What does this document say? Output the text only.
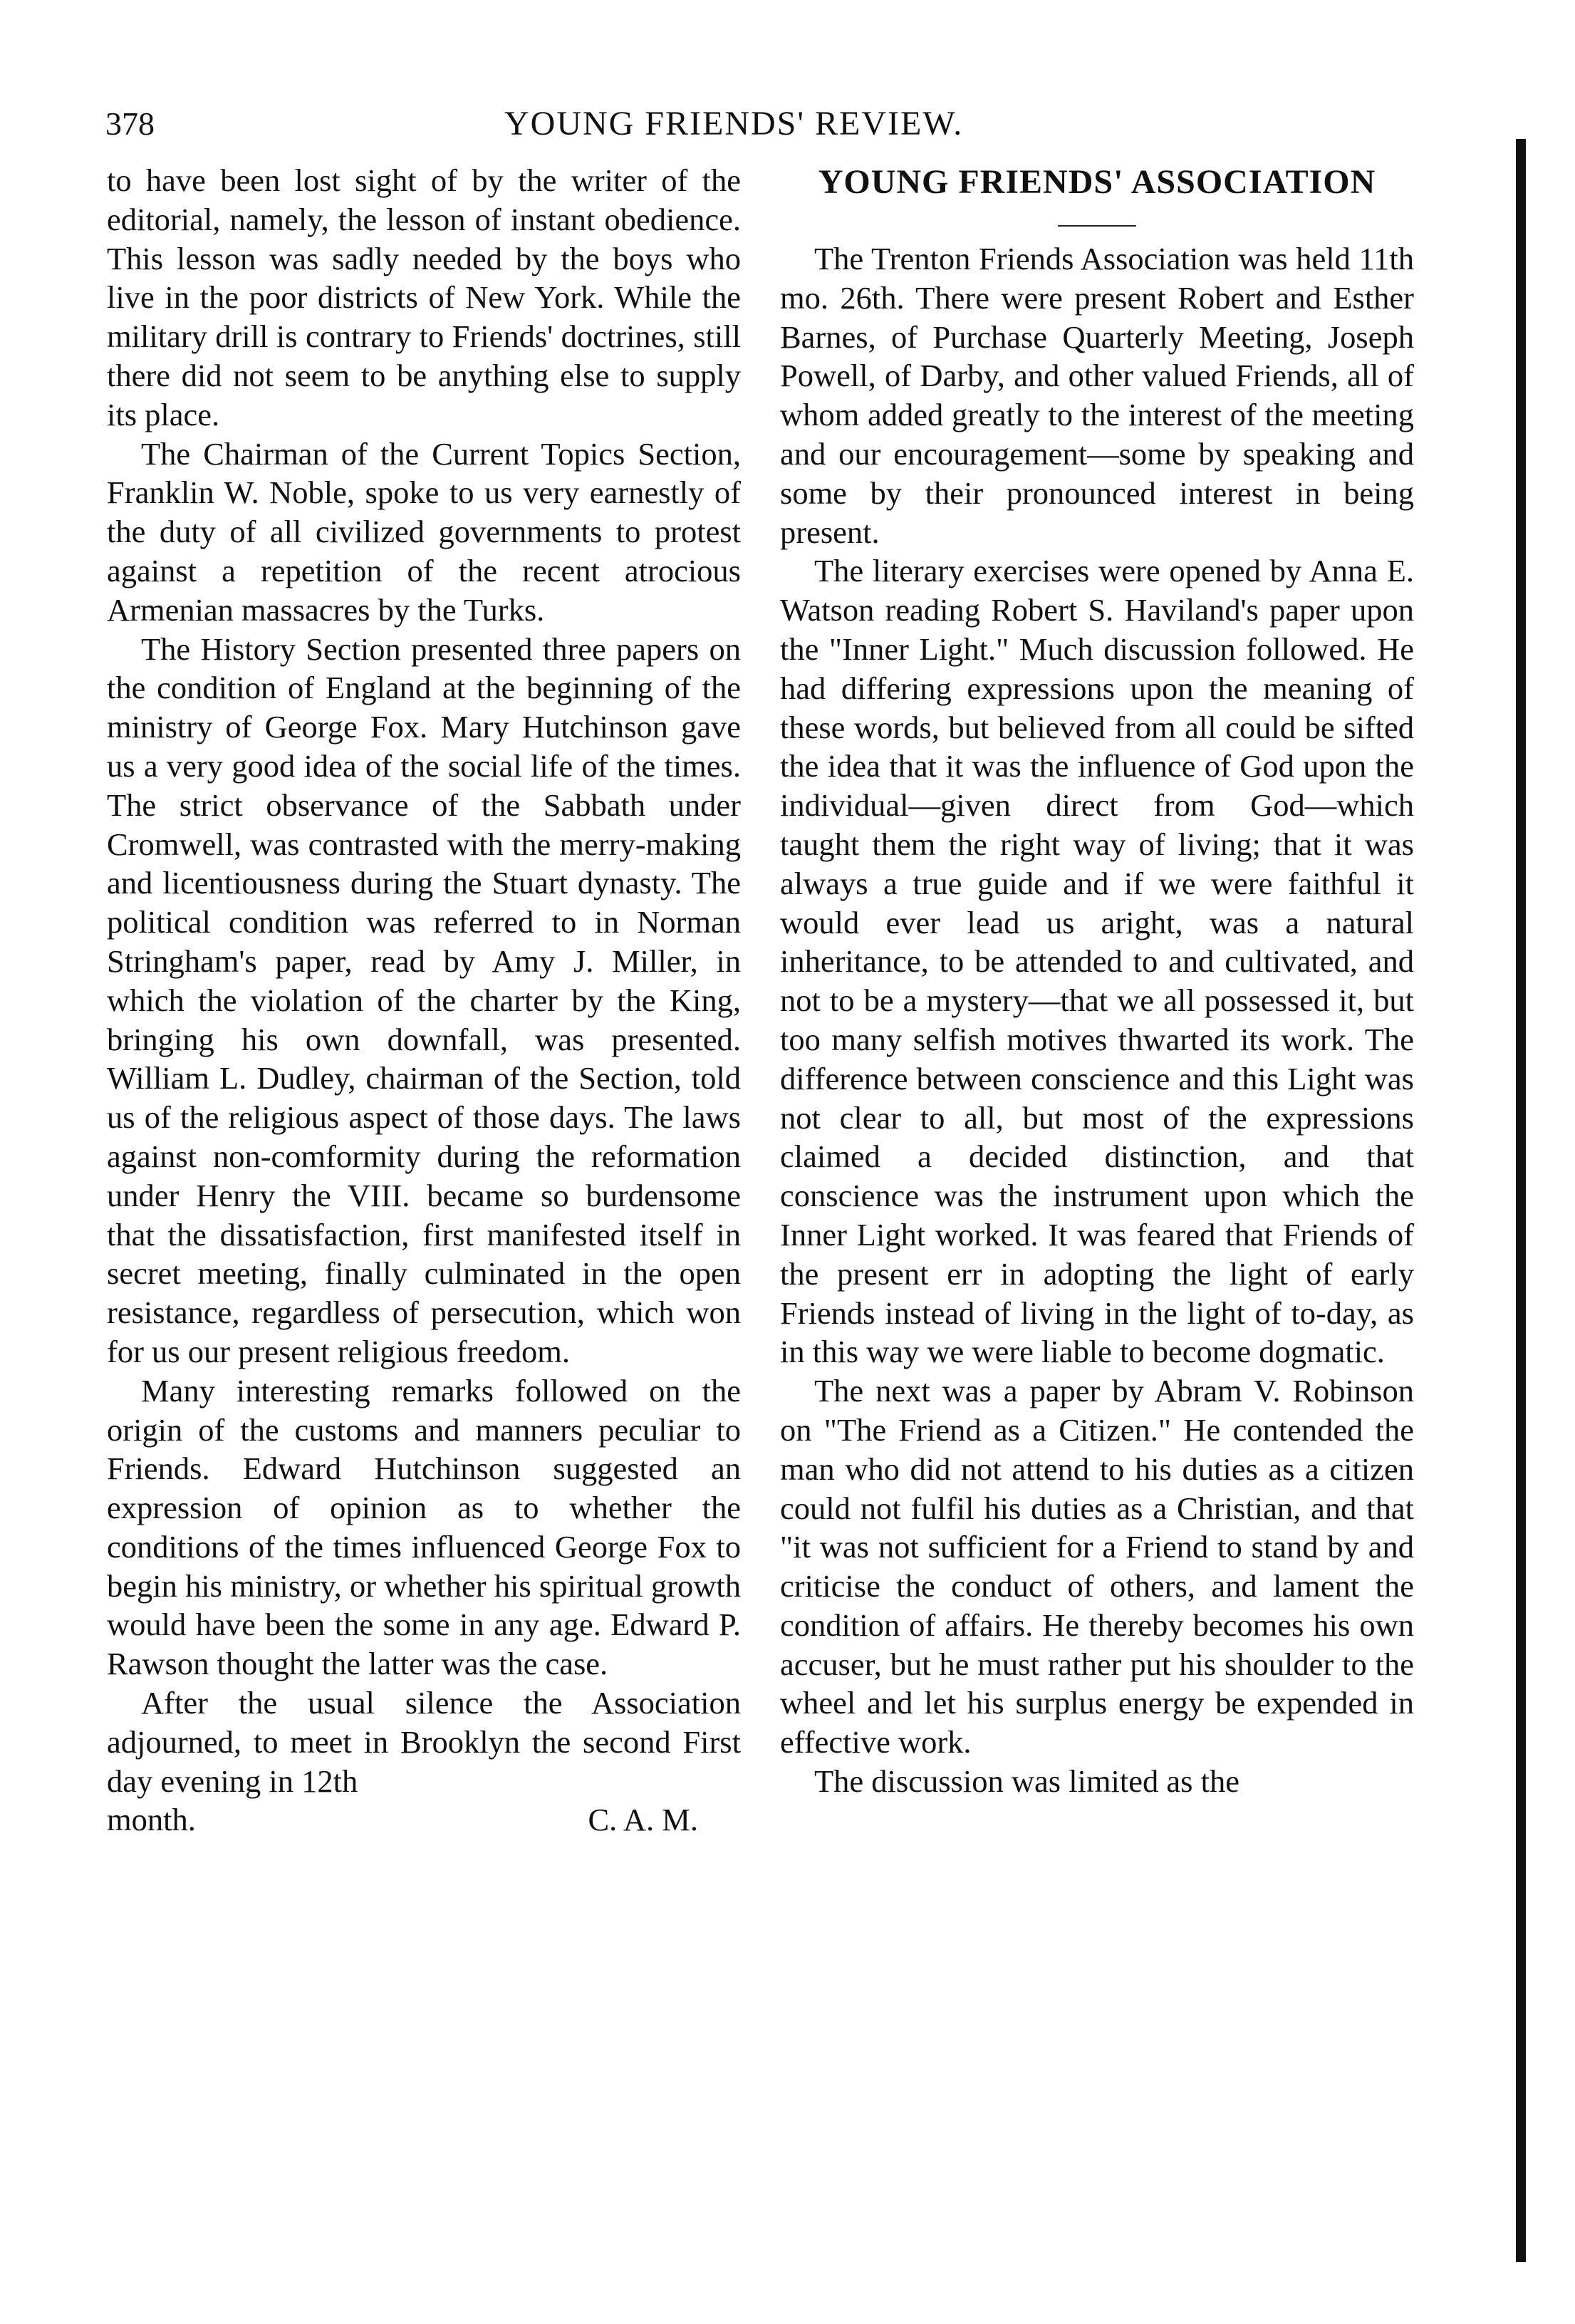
378	YOUNG FRIENDS' REVIEW.

to have been lost sight of by the writer of the editorial, namely, the lesson of instant obedience. This lesson was sadly needed by the boys who live in the poor districts of New York. While the military drill is contrary to Friends' doctrines, still there did not seem to be anything else to supply its place.

The Chairman of the Current Topics Section, Franklin W. Noble, spoke to us very earnestly of the duty of all civilized governments to protest against a repetition of the recent atrocious Armenian massacres by the Turks.

The History Section presented three papers on the condition of England at the beginning of the ministry of George Fox. Mary Hutchinson gave us a very good idea of the social life of the times. The strict observance of the Sabbath under Cromwell, was contrasted with the merry-making and licentiousness during the Stuart dynasty. The political condition was referred to in Norman Stringham's paper, read by Amy J. Miller, in which the violation of the charter by the King, bringing his own downfall, was presented. William L. Dudley, chairman of the Section, told us of the religious aspect of those days. The laws against non-comformity during the reformation under Henry the VIII. became so burdensome that the dissatisfaction, first manifested itself in secret meeting, finally culminated in the open resistance, regardless of persecution, which won for us our present religious freedom.

Many interesting remarks followed on the origin of the customs and manners peculiar to Friends. Edward Hutchinson suggested an expression of opinion as to whether the conditions of the times influenced George Fox to begin his ministry, or whether his spiritual growth would have been the some in any age. Edward P. Rawson thought the latter was the case.

After the usual silence the Association adjourned, to meet in Brooklyn the second First day evening in 12th

month.	C. A. M.

YOUNG FRIENDS' ASSOCIATION

The Trenton Friends Association was held 11th mo. 26th. There were present Robert and Esther Barnes, of Purchase Quarterly Meeting, Joseph Powell, of Darby, and other valued Friends, all of whom added greatly to the interest of the meeting and our encouragement—some by speaking and some by their pronounced interest in being present.

The literary exercises were opened by Anna E. Watson reading Robert S. Haviland's paper upon the "Inner Light." Much discussion followed. He had differing expressions upon the meaning of these words, but believed from all could be sifted the idea that it was the influence of God upon the individual—given direct from God—which taught them the right way of living; that it was always a true guide and if we were faithful it would ever lead us aright, was a natural inheritance, to be attended to and cultivated, and not to be a mystery—that we all possessed it, but too many selfish motives thwarted its work. The difference between conscience and this Light was not clear to all, but most of the expressions claimed a decided distinction, and that conscience was the instrument upon which the Inner Light worked. It was feared that Friends of the present err in adopting the light of early Friends instead of living in the light of to-day, as in this way we were liable to become dogmatic.

The next was a paper by Abram V. Robinson on "The Friend as a Citizen." He contended the man who did not attend to his duties as a citizen could not fulfil his duties as a Christian, and that "it was not sufficient for a Friend to stand by and criticise the conduct of others, and lament the condition of affairs. He thereby becomes his own accuser, but he must rather put his shoulder to the wheel and let his surplus energy be expended in effective work.

The discussion was limited as the
